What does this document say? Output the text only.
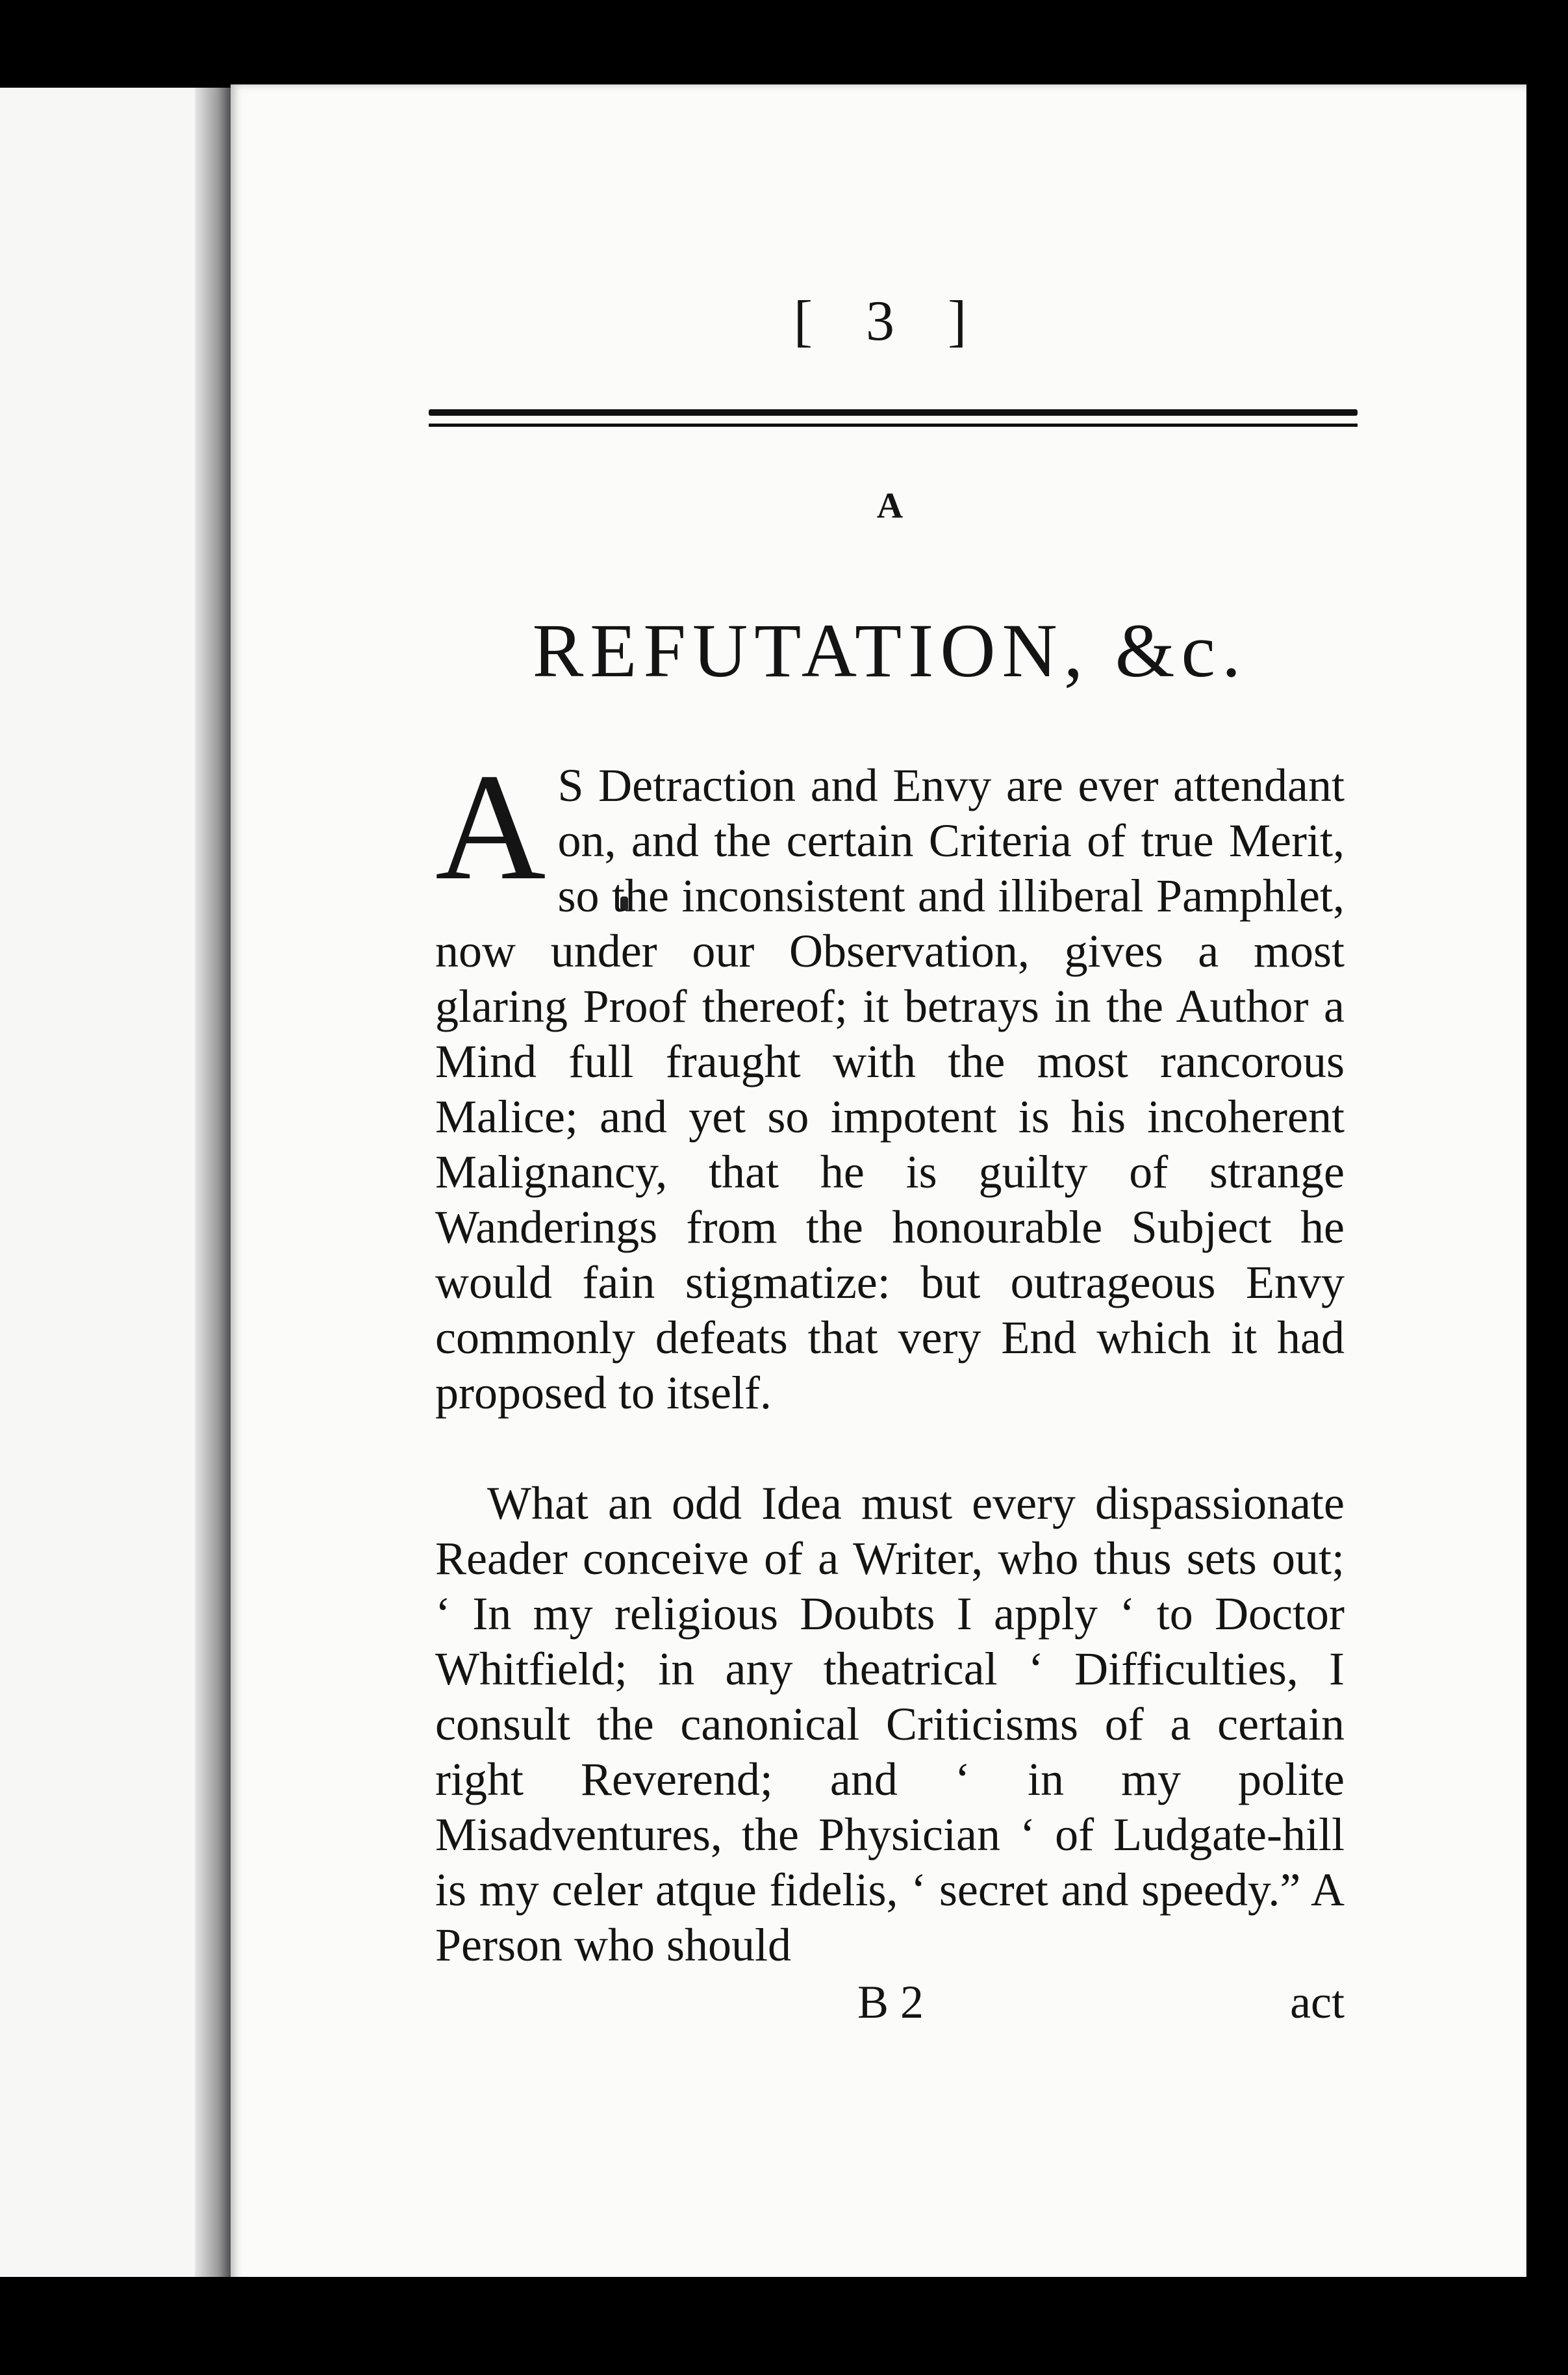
[ 3 ]
A
REFUTATION, &c.

A S Detraction and Envy are ever attendant on, and the certain Criteria of true Merit, so the inconsistent and illiberal Pamphlet, now under our Observation, gives a most glaring Proof thereof; it betrays in the Author a Mind full fraught with the most rancorous Malice; and yet so impotent is his incoherent Malignancy, that he is guilty of strange Wanderings from the honourable Subject he would fain stigmatize: but outrageous Envy commonly defeats that very End which it had proposed to itself.

What an odd Idea must every dispassionate Reader conceive of a Writer, who thus sets out; ‘ In my religious Doubts I apply ‘ to Doctor Whitfield; in any theatrical ‘ Difficulties, I consult the canonical Criticisms of a certain right Reverend; and ‘ in my polite Misadventures, the Physician ‘ of Ludgate-hill is my celer atque fidelis, ‘ secret and speedy.” A Person who should

B 2	act
